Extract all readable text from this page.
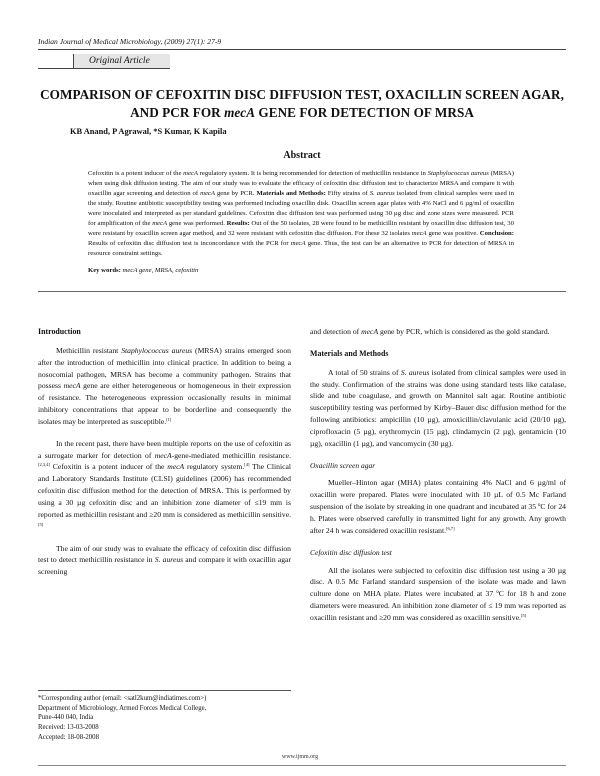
Indian Journal of Medical Microbiology, (2009) 27(1): 27-9
Original Article
COMPARISON OF CEFOXITIN DISC DIFFUSION TEST, OXACILLIN SCREEN AGAR, AND PCR FOR mecA GENE FOR DETECTION OF MRSA
KB Anand, P Agrawal, *S Kumar, K Kapila
Abstract
Cefoxitin is a potent inducer of the mecA regulatory system. It is being recommended for detection of methicillin resistance in Staphylococcus aureus (MRSA) when using disk diffusion testing. The aim of our study was to evaluate the efficacy of cefoxitin disc diffusion test to characterize MRSA and compare it with oxacillin agar screening and detection of mecA gene by PCR. Materials and Methods: Fifty strains of S. aureus isolated from clinical samples were used in the study. Routine antibiotic susceptibility testing was performed including oxacillin disk. Oxacillin screen agar plates with 4% NaCl and 6 µg/ml of oxacillin were inoculated and interpreted as per standard guidelines. Cefoxitin disc diffusion test was performed using 30 µg disc and zone sizes were measured. PCR for amplification of the mecA gene was performed. Results: Out of the 50 isolates, 28 were found to be methicillin resistant by oxacillin disc diffusion test, 30 were resistant by oxacillin screen agar method, and 32 were resistant with cefoxitin disc diffusion. For these 32 isolates mecA gene was positive. Conclusion: Results of cefoxitin disc diffusion test is inconcordance with the PCR for mecA gene. Thus, the test can be an alternative to PCR for detection of MRSA in resource constraint settings.
Key words: mecA gene, MRSA, cefoxitin
Introduction

Methicillin resistant Staphylococcus aureus (MRSA) strains emerged soon after the introduction of methicillin into clinical practice. In addition to being a nosocomial pathogen, MRSA has become a community pathogen. Strains that possess mecA gene are either heterogeneous or homogeneous in their expression of resistance. The heterogeneous expression occasionally results in minimal inhibitory concentrations that appear to be borderline and consequently the isolates may be interpreted as susceptible.[1]

In the recent past, there have been multiple reports on the use of cefoxitin as a surrogate marker for detection of mecA-gene-mediated methicillin resistance.[2,3,4] Cefoxitin is a potent inducer of the mecA regulatory system.[4] The Clinical and Laboratory Standards Institute (CLSI) guidelines (2006) has recommended cefoxitin disc diffusion method for the detection of MRSA. This is performed by using a 30 µg cefoxitin disc and an inhibition zone diameter of ≤19 mm is reported as methicillin resistant and ≥20 mm is considered as methicillin sensitive.[5]

The aim of our study was to evaluate the efficacy of cefoxitin disc diffusion test to detect methicillin resistance in S. aureus and compare it with oxacillin agar screening

and detection of mecA gene by PCR, which is considered as the gold standard.

Materials and Methods

A total of 50 strains of S. aureus isolated from clinical samples were used in the study. Confirmation of the strains was done using standard tests like catalase, slide and tube coagulase, and growth on Mannitol salt agar. Routine antibiotic susceptibility testing was performed by Kirby–Bauer disc diffusion method for the following antibiotics: ampicillin (10 µg), amoxicillin/clavulanic acid (20/10 µg), ciprofloxacin (5 µg), erythromycin (15 µg), clindamycin (2 µg), gentamicin (10 µg), oxacillin (1 µg), and vancomycin (30 µg).

Oxacillin screen agar

Mueller–Hinton agar (MHA) plates containing 4% NaCl and 6 µg/ml of oxacillin were prepared. Plates were inoculated with 10 µL of 0.5 Mc Farland suspension of the isolate by streaking in one quadrant and incubated at 35 ºC for 24 h. Plates were observed carefully in transmitted light for any growth. Any growth after 24 h was considered oxacillin resistant.[6,7]

Cefoxitin disc diffusion test

All the isolates were subjected to cefoxitin disc diffusion test using a 30 µg disc. A 0.5 Mc Farland standard suspension of the isolate was made and lawn culture done on MHA plate. Plates were incubated at 37 ºC for 18 h and zone diameters were measured. An inhibition zone diameter of ≤ 19 mm was reported as oxacillin resistant and ≥20 mm was considered as oxacillin sensitive.[5]

*Corresponding author (email: <satl2kum@indiatimes.com>)
Department of Microbiology, Armed Forces Medical College,
Pune-440 040, India
Received: 13-03-2008
Accepted: 18-08-2008
www.ijmm.org
